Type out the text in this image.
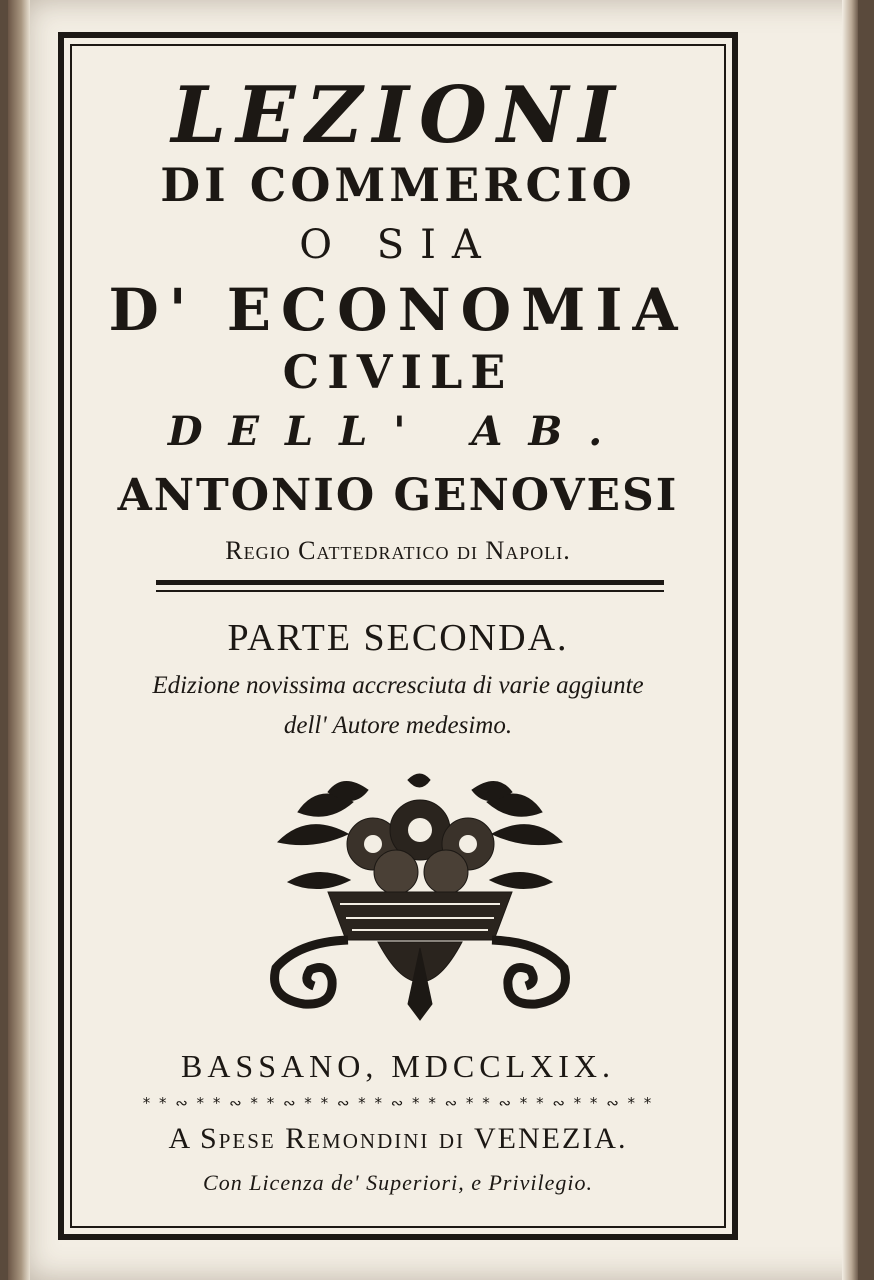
LEZIONI
DI COMMERCIO
O SIA
D' ECONOMIA
CIVILE
DELL' AB.
ANTONIO GENOVESI
Regio Cattedratico di Napoli.
PARTE SECONDA.
Edizione novissima accresciuta di varie aggiunte
dell' Autore medesimo.
BASSANO, MDCCLXIX.
* * ∾ * * ∾ * * ∾ * * ∾ * * ∾ * * ∾ * * ∾ * * ∾ * * ∾ * *
A Spese Remondini di VENEZIA.
Con Licenza de' Superiori, e Privilegio.
